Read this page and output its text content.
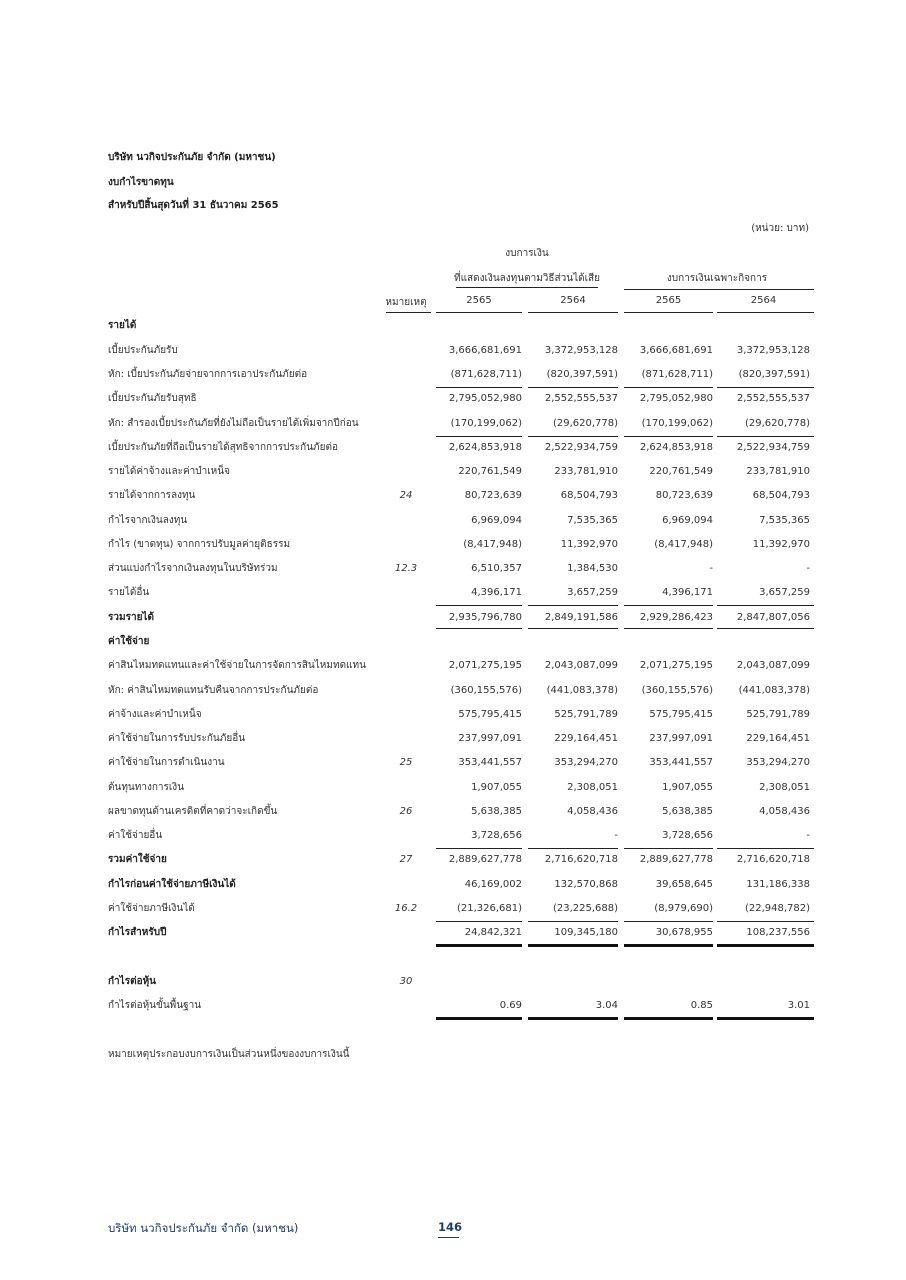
บริษัท นวกิจประกันภัย จำกัด (มหาชน)
งบกำไรขาดทุน
สำหรับปีสิ้นสุดวันที่ 31 ธันวาคม 2565
(หน่วย: บาท)
งบการเงิน
ที่แสดงเงินลงทุนตามวิธีส่วนได้เสีย	งบการเงินเฉพาะกิจการ
หมายเหตุ	2565	2564	2565	2564
รายได้
เบี้ยประกันภัยรับ	3,666,681,691	3,372,953,128	3,666,681,691	3,372,953,128
หัก: เบี้ยประกันภัยจ่ายจากการเอาประกันภัยต่อ	(871,628,711)	(820,397,591)	(871,628,711)	(820,397,591)
เบี้ยประกันภัยรับสุทธิ	2,795,052,980	2,552,555,537	2,795,052,980	2,552,555,537
หัก: สำรองเบี้ยประกันภัยที่ยังไม่ถือเป็นรายได้เพิ่มจากปีก่อน	(170,199,062)	(29,620,778)	(170,199,062)	(29,620,778)
เบี้ยประกันภัยที่ถือเป็นรายได้สุทธิจากการประกันภัยต่อ	2,624,853,918	2,522,934,759	2,624,853,918	2,522,934,759
รายได้ค่าจ้างและค่าบำเหน็จ	220,761,549	233,781,910	220,761,549	233,781,910
รายได้จากการลงทุน	24	80,723,639	68,504,793	80,723,639	68,504,793
กำไรจากเงินลงทุน	6,969,094	7,535,365	6,969,094	7,535,365
กำไร (ขาดทุน) จากการปรับมูลค่ายุติธรรม	(8,417,948)	11,392,970	(8,417,948)	11,392,970
ส่วนแบ่งกำไรจากเงินลงทุนในบริษัทร่วม	12.3	6,510,357	1,384,530	-	-
รายได้อื่น	4,396,171	3,657,259	4,396,171	3,657,259
รวมรายได้	2,935,796,780	2,849,191,586	2,929,286,423	2,847,807,056
ค่าใช้จ่าย
ค่าสินไหมทดแทนและค่าใช้จ่ายในการจัดการสินไหมทดแทน	2,071,275,195	2,043,087,099	2,071,275,195	2,043,087,099
หัก: ค่าสินไหมทดแทนรับคืนจากการประกันภัยต่อ	(360,155,576)	(441,083,378)	(360,155,576)	(441,083,378)
ค่าจ้างและค่าบำเหน็จ	575,795,415	525,791,789	575,795,415	525,791,789
ค่าใช้จ่ายในการรับประกันภัยอื่น	237,997,091	229,164,451	237,997,091	229,164,451
ค่าใช้จ่ายในการดำเนินงาน	25	353,441,557	353,294,270	353,441,557	353,294,270
ต้นทุนทางการเงิน	1,907,055	2,308,051	1,907,055	2,308,051
ผลขาดทุนด้านเครดิตที่คาดว่าจะเกิดขึ้น	26	5,638,385	4,058,436	5,638,385	4,058,436
ค่าใช้จ่ายอื่น	3,728,656	-	3,728,656	-
รวมค่าใช้จ่าย	27	2,889,627,778	2,716,620,718	2,889,627,778	2,716,620,718
กำไรก่อนค่าใช้จ่ายภาษีเงินได้	46,169,002	132,570,868	39,658,645	131,186,338
ค่าใช้จ่ายภาษีเงินได้	16.2	(21,326,681)	(23,225,688)	(8,979,690)	(22,948,782)
กำไรสำหรับปี	24,842,321	109,345,180	30,678,955	108,237,556
กำไรต่อหุ้น	30
กำไรต่อหุ้นขั้นพื้นฐาน	0.69	3.04	0.85	3.01
หมายเหตุประกอบงบการเงินเป็นส่วนหนึ่งของงบการเงินนี้
บริษัท นวกิจประกันภัย จำกัด (มหาชน)	146
